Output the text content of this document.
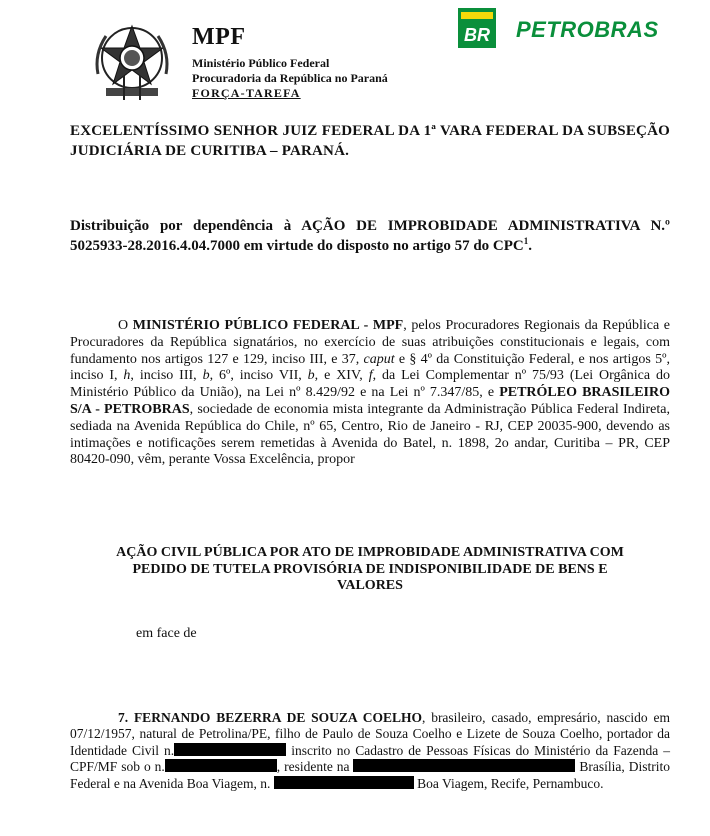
MPF
Ministério Público Federal
Procuradoria da República no Paraná
FORÇA-TAREFA
BR PETROBRAS
EXCELENTÍSSIMO SENHOR JUIZ FEDERAL DA 1ª VARA FEDERAL DA SUBSEÇÃO JUDICIÁRIA DE CURITIBA – PARANÁ.
Distribuição por dependência à AÇÃO DE IMPROBIDADE ADMINISTRATIVA N.º 5025933-28.2016.4.04.7000 em virtude do disposto no artigo 57 do CPC$^1$.
O MINISTÉRIO PÚBLICO FEDERAL - MPF, pelos Procuradores Regionais da República e Procuradores da República signatários, no exercício de suas atribuições constitucionais e legais, com fundamento nos artigos 127 e 129, inciso III, e 37, caput e § 4º da Constituição Federal, e nos artigos 5º, inciso I, h, inciso III, b, 6º, inciso VII, b, e XIV, f, da Lei Complementar nº 75/93 (Lei Orgânica do Ministério Público da União), na Lei nº 8.429/92 e na Lei nº 7.347/85, e PETRÓLEO BRASILEIRO S/A - PETROBRAS, sociedade de economia mista integrante da Administração Pública Federal Indireta, sediada na Avenida República do Chile, nº 65, Centro, Rio de Janeiro - RJ, CEP 20035-900, devendo as intimações e notificações serem remetidas à Avenida do Batel, n. 1898, 2o andar, Curitiba – PR, CEP 80420-090, vêm, perante Vossa Excelência, propor
AÇÃO CIVIL PÚBLICA POR ATO DE IMPROBIDADE ADMINISTRATIVA COM
PEDIDO DE TUTELA PROVISÓRIA DE INDISPONIBILIDADE DE BENS E
VALORES
em face de
7. FERNANDO BEZERRA DE SOUZA COELHO, brasileiro, casado, empresário, nascido em 07/12/1957, natural de Petrolina/PE, filho de Paulo de Souza Coelho e Lizete de Souza Coelho, portador da Identidade Civil n.	inscrito no Cadastro de Pessoas Físicas do Ministério da Fazenda – CPF/MF sob o n.	, residente na	Brasília, Distrito Federal e na Avenida Boa Viagem, n.	Boa Viagem, Recife, Pernambuco.
